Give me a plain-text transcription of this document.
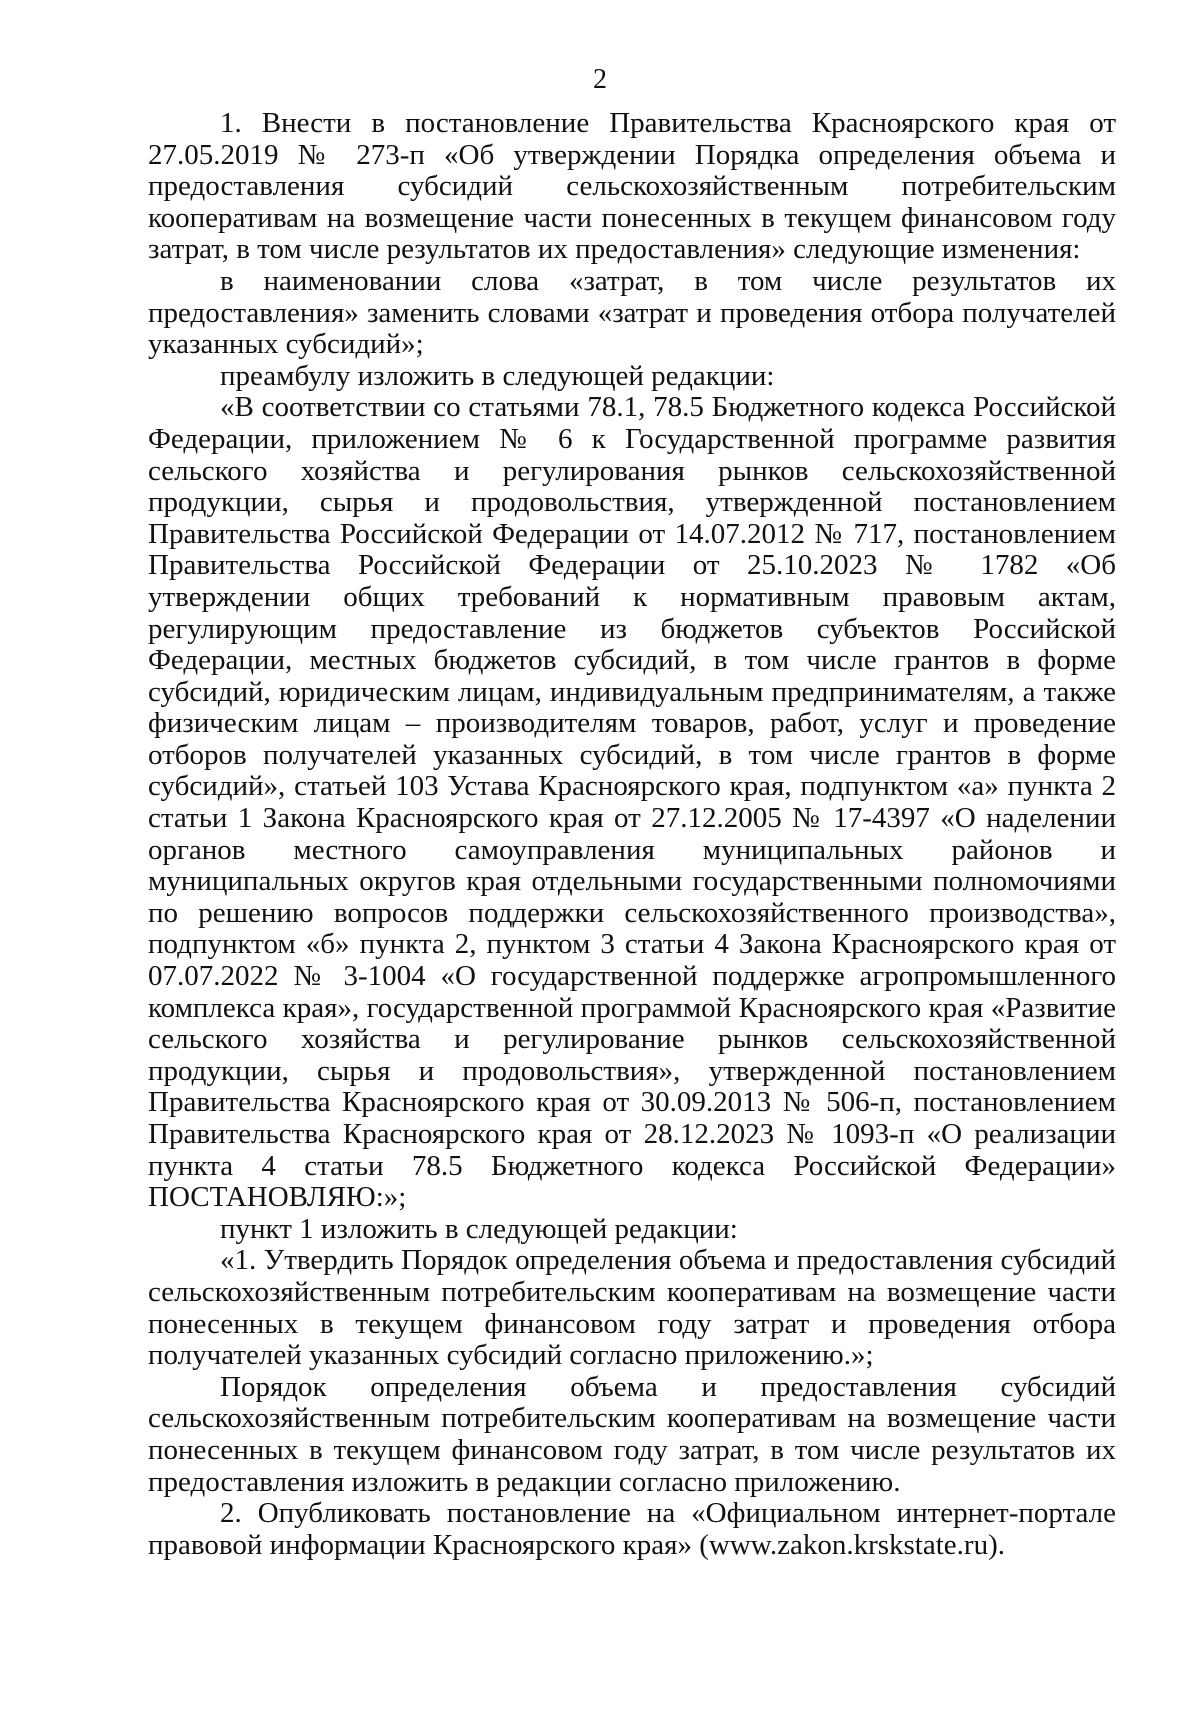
2

1. Внести в постановление Правительства Красноярского края от 27.05.2019 № 273-п «Об утверждении Порядка определения объема и предоставления субсидий сельскохозяйственным потребительским кооперативам на возмещение части понесенных в текущем финансовом году затрат, в том числе результатов их предоставления» следующие изменения:

в наименовании слова «затрат, в том числе результатов их предоставления» заменить словами «затрат и проведения отбора получателей указанных субсидий»;

преамбулу изложить в следующей редакции:

«В соответствии со статьями 78.1, 78.5 Бюджетного кодекса Российской Федерации, приложением № 6 к Государственной программе развития сельского хозяйства и регулирования рынков сельскохозяйственной продукции, сырья и продовольствия, утвержденной постановлением Правительства Российской Федерации от 14.07.2012 № 717, постановлением Правительства Российской Федерации от 25.10.2023 № 1782 «Об утверждении общих требований к нормативным правовым актам, регулирующим предоставление из бюджетов субъектов Российской Федерации, местных бюджетов субсидий, в том числе грантов в форме субсидий, юридическим лицам, индивидуальным предпринимателям, а также физическим лицам – производителям товаров, работ, услуг и проведение отборов получателей указанных субсидий, в том числе грантов в форме субсидий», статьей 103 Устава Красноярского края, подпунктом «а» пункта 2 статьи 1 Закона Красноярского края от 27.12.2005 № 17-4397 «О наделении органов местного самоуправления муниципальных районов и муниципальных округов края отдельными государственными полномочиями по решению вопросов поддержки сельскохозяйственного производства», подпунктом «б» пункта 2, пунктом 3 статьи 4 Закона Красноярского края от 07.07.2022 № 3-1004 «О государственной поддержке агропромышленного комплекса края», государственной программой Красноярского края «Развитие сельского хозяйства и регулирование рынков сельскохозяйственной продукции, сырья и продовольствия», утвержденной постановлением Правительства Красноярского края от 30.09.2013 № 506-п, постановлением Правительства Красноярского края от 28.12.2023 № 1093-п «О реализации пункта 4 статьи 78.5 Бюджетного кодекса Российской Федерации» ПОСТАНОВЛЯЮ:»;

пункт 1 изложить в следующей редакции:

«1. Утвердить Порядок определения объема и предоставления субсидий сельскохозяйственным потребительским кооперативам на возмещение части понесенных в текущем финансовом году затрат и проведения отбора получателей указанных субсидий согласно приложению.»;

Порядок определения объема и предоставления субсидий сельскохозяйственным потребительским кооперативам на возмещение части понесенных в текущем финансовом году затрат, в том числе результатов их предоставления изложить в редакции согласно приложению.

2. Опубликовать постановление на «Официальном интернет-портале правовой информации Красноярского края» (www.zakon.krskstate.ru).
